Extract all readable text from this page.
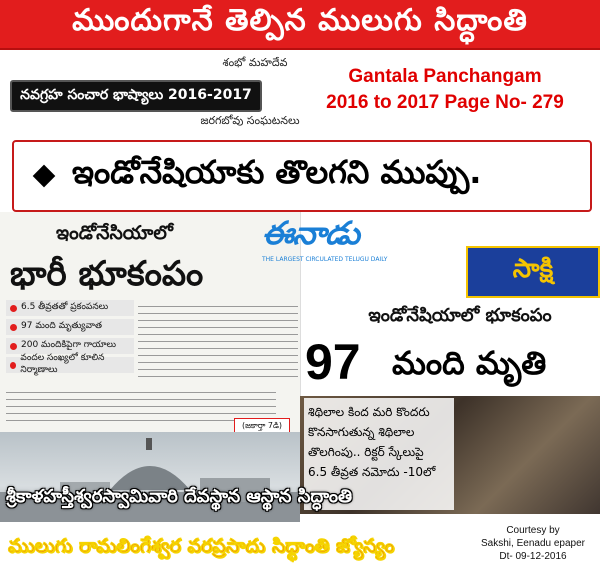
ముందుగానే తెల్పిన ములుగు సిద్ధాంతి
శంభో మహదేవ
నవగ్రహ సంచార భాష్యాలు 2016-2017
జరగబోవు సంఘటనలు
Gantala Panchangam
2016 to 2017 Page No- 279
ఇండోనేషియాకు తొలగని ముప్పు.
ఇండోనేసియాలో
భారీ భూకంపం
ఈనాడు
THE LARGEST CIRCULATED TELUGU DAILY
6.5 తీవ్రతతో ప్రకంపనలు
97 మంది మృత్యువాత
200 మందికిపైగా గాయాలు
వందల సంఖ్యలో కూలిన నిర్మాణాలు
(జకార్తా 7డి)
సాక్షి
ఇండోనేషియాలో భూకంపం
97 మంది మృతి
శిథిలాల కింద మరి కొందరు
కొనసాగుతున్న శిథిలాల
తొలగింపు.. రిక్టర్ స్కేలుపై
6.5 తీవ్రత నమోదు -10లో
శ్రీకాళహస్తీశ్వరస్వామివారి దేవస్థాన ఆస్థాన సిద్ధాంతి
ములుగు రామలింగేశ్వర వరప్రసాదు సిద్ధాంతి జ్యోస్యం
Courtesy by
Sakshi, Eenadu epaper
Dt- 09-12-2016
